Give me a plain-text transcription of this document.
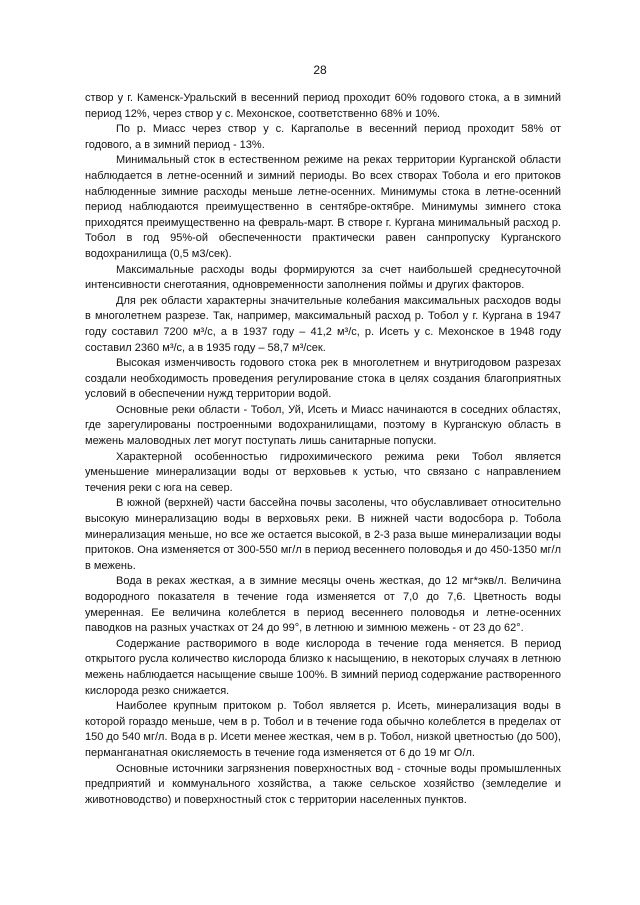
28

створ у г. Каменск-Уральский в весенний период проходит 60% годового стока, а в зимний период 12%, через створ у с. Мехонское, соответственно 68% и 10%.

По р. Миасс через створ у с. Каргаполье в весенний период проходит 58% от годового, а в зимний период - 13%.

Минимальный сток в естественном режиме на реках территории Курганской области наблюдается в летне-осенний и зимний периоды. Во всех створах Тобола и его притоков наблюденные зимние расходы меньше летне-осенних. Минимумы стока в летне-осенний период наблюдаются преимущественно в сентябре-октябре. Минимумы зимнего стока приходятся преимущественно на февраль-март. В створе г. Кургана минимальный расход р. Тобол в год 95%-ой обеспеченности практически равен санпропуску Курганского водохранилища (0,5 м3/сек).

Максимальные расходы воды формируются за счет наибольшей среднесуточной интенсивности снеготаяния, одновременности заполнения поймы и других факторов.

Для рек области характерны значительные колебания максимальных расходов воды в многолетнем разрезе. Так, например, максимальный расход р. Тобол у г. Кургана в 1947 году составил 7200 м³/с, а в 1937 году – 41,2 м³/с, р. Исеть у с. Мехонское в 1948 году составил 2360 м³/с, а в 1935 году – 58,7 м³/сек.

Высокая изменчивость годового стока рек в многолетнем и внутригодовом разрезах создали необходимость проведения регулирование стока в целях создания благоприятных условий в обеспечении нужд территории водой.

Основные реки области - Тобол, Уй, Исеть и Миасс начинаются в соседних областях, где зарегулированы построенными водохранилищами, поэтому в Курганскую область в межень маловодных лет могут поступать лишь санитарные попуски.

Характерной особенностью гидрохимического режима реки Тобол является уменьшение минерализации воды от верховьев к устью, что связано с направлением течения реки с юга на север.

В южной (верхней) части бассейна почвы засолены, что обуславливает относительно высокую минерализацию воды в верховьях реки. В нижней части водосбора р. Тобола минерализация меньше, но все же остается высокой, в 2-3 раза выше минерализации воды притоков. Она изменяется от 300-550 мг/л в период весеннего половодья и до 450-1350 мг/л в межень.

Вода в реках жесткая, а в зимние месяцы очень жесткая, до 12 мг*экв/л. Величина водородного показателя в течение года изменяется от 7,0 до 7,6. Цветность воды умеренная. Ее величина колеблется в период весеннего половодья и летне-осенних паводков на разных участках от 24 до 99°, в летнюю и зимнюю межень - от 23 до 62°.

Содержание растворимого в воде кислорода в течение года меняется. В период открытого русла количество кислорода близко к насыщению, в некоторых случаях в летнюю межень наблюдается насыщение свыше 100%. В зимний период содержание растворенного кислорода резко снижается.

Наиболее крупным притоком р. Тобол является р. Исеть, минерализация воды в которой гораздо меньше, чем в р. Тобол и в течение года обычно колеблется в пределах от 150 до 540 мг/л. Вода в р. Исети менее жесткая, чем в р. Тобол, низкой цветностью (до 500), перманганатная окисляемость в течение года изменяется от 6 до 19 мг О/л.

Основные источники загрязнения поверхностных вод - сточные воды промышленных предприятий и коммунального хозяйства, а также сельское хозяйство (земледелие и животноводство) и поверхностный сток с территории населенных пунктов.
